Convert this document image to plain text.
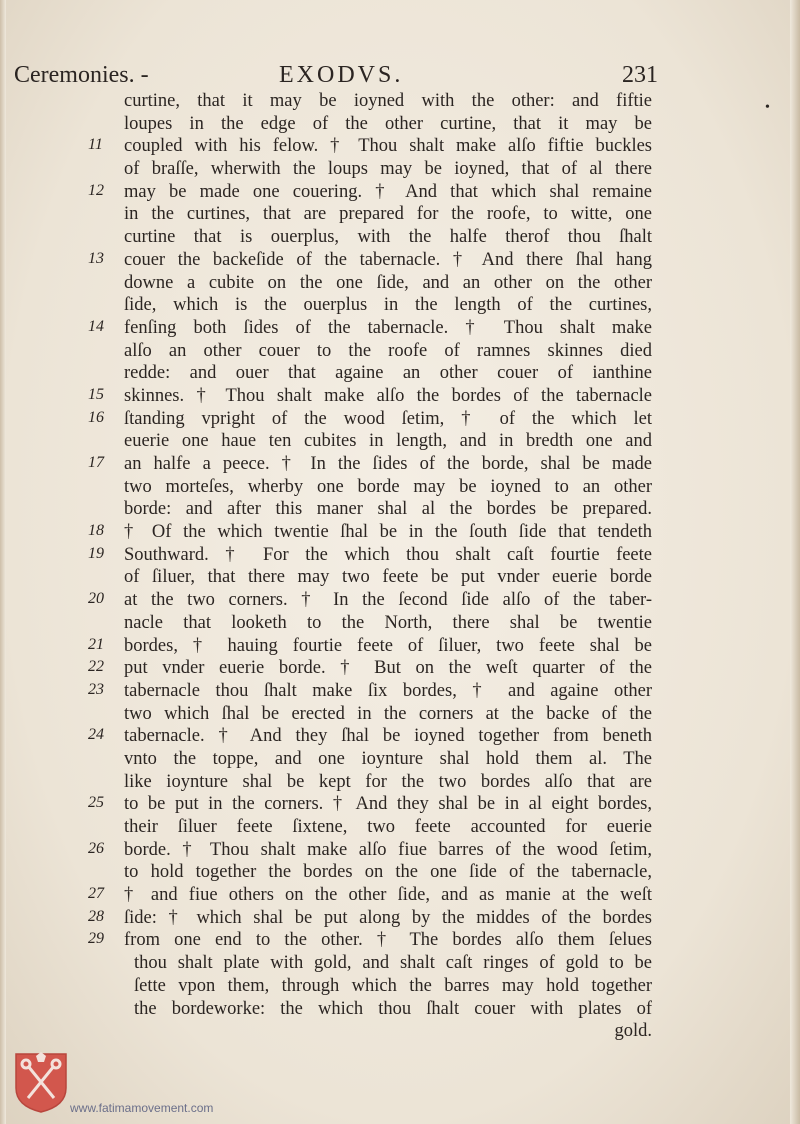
Ceremonies. -	EXODVS.	231
•
curtine, that it may be ioyned with the other: and fiftie
loupes in the edge of the other curtine, that it may be
11	coupled with his felow. † Thou shalt make alſo fiftie buckles
of braſſe, wherwith the loups may be ioyned, that of al there
12	may be made one couering. † And that which shal remaine
in the curtines, that are prepared for the roofe, to witte, one
curtine that is ouerplus, with the halfe therof thou ſhalt
13	couer the backeſide of the tabernacle. † And there ſhal hang
downe a cubite on the one ſide, and an other on the other
ſide, which is the ouerplus in the length of the curtines,
14	fenſing both ſides of the tabernacle. † Thou shalt make
alſo an other couer to the roofe of ramnes skinnes died
redde: and ouer that againe an other couer of ianthine
15	skinnes. † Thou shalt make alſo the bordes of the tabernacle
16	ſtanding vpright of the wood ſetim, † of the which let
euerie one haue ten cubites in length, and in bredth one and
17	an halfe a peece. † In the ſides of the borde, shal be made
two morteſes, wherby one borde may be ioyned to an other
borde: and after this maner shal al the bordes be prepared.
18	† Of the which twentie ſhal be in the ſouth ſide that tendeth
19	Southward. † For the which thou shalt caſt fourtie feete
of ſiluer, that there may two feete be put vnder euerie borde
20	at the two corners. † In the ſecond ſide alſo of the taber-
nacle that looketh to the North, there shal be twentie
21	bordes, † hauing fourtie feete of ſiluer, two feete shal be
22	put vnder euerie borde. † But on the weſt quarter of the
23	tabernacle thou ſhalt make ſix bordes, † and againe other
two which ſhal be erected in the corners at the backe of the
24	tabernacle. † And they ſhal be ioyned together from beneth
vnto the toppe, and one ioynture shal hold them al. The
like ioynture shal be kept for the two bordes alſo that are
25	to be put in the corners. † And they shal be in al eight bordes,
their ſiluer feete ſixtene, two feete accounted for euerie
26	borde. † Thou shalt make alſo fiue barres of the wood ſetim,
to hold together the bordes on the one ſide of the tabernacle,
27	† and fiue others on the other ſide, and as manie at the weſt
28	ſide: † which shal be put along by the middes of the bordes
29	from one end to the other. † The bordes alſo them ſelues
thou shalt plate with gold, and shalt caſt ringes of gold to be
ſette vpon them, through which the barres may hold together
the bordeworke: the which thou ſhalt couer with plates of
gold.
www.fatimamovement.com
